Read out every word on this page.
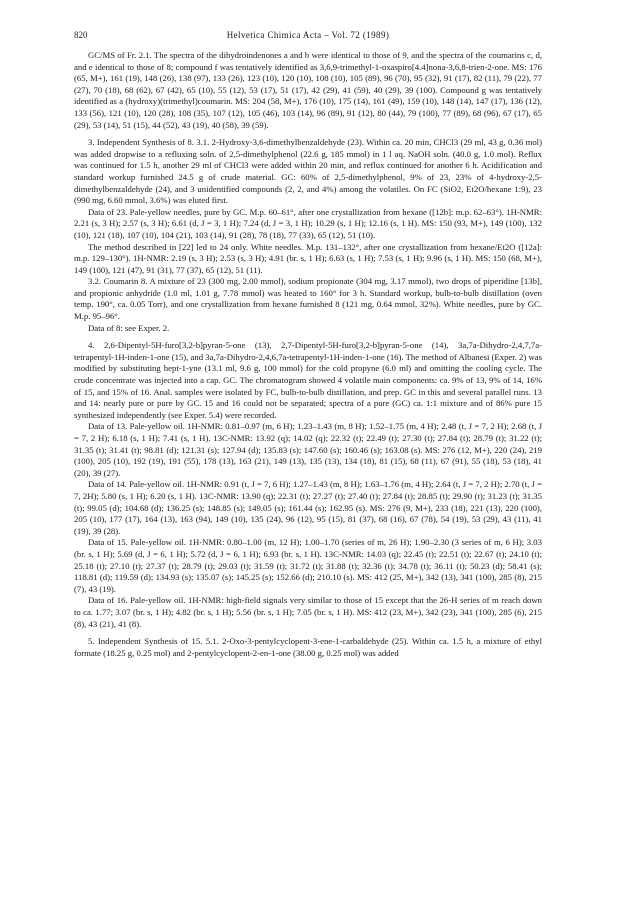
820	Helvetica Chimica Acta – Vol. 72 (1989)

GC/MS of Fr. 2.1. The spectra of the dihydroindenones a and b were identical to those of 9, and the spectra of the coumarins c, d, and e identical to those of 8; compound f was tentatively identified as 3,6,9-trimethyl-1-oxaspiro[4.4]nona-3,6,8-trien-2-one. MS: 176 (65, M+), 161 (19), 148 (26), 138 (97), 133 (26), 123 (10), 120 (10), 108 (10), 105 (89), 96 (70), 95 (32), 91 (17), 82 (11), 79 (22), 77 (27), 70 (18), 68 (62), 67 (42), 65 (10), 55 (12), 53 (17), 51 (17), 42 (29), 41 (59), 40 (29), 39 (100). Compound g was tentatively identified as a (hydroxy)(trimethyl)coumarin. MS: 204 (58, M+), 176 (10), 175 (14), 161 (49), 159 (10), 148 (14), 147 (17), 136 (12), 133 (56), 121 (10), 120 (28), 108 (35), 107 (12), 105 (46), 103 (14), 96 (89), 91 (12), 80 (44), 79 (100), 77 (89), 68 (96), 67 (17), 65 (29), 53 (14), 51 (15), 44 (52), 43 (19), 40 (58), 39 (59).

3. Independent Synthesis of 8. 3.1. 2-Hydroxy-3,6-dimethylbenzaldehyde (23). Within ca. 20 min, CHCl3 (29 ml, 43 g, 0.36 mol) was added dropwise to a refluxing soln. of 2,5-dimethylphenol (22.6 g, 185 mmol) in 1 l aq. NaOH soln. (40.0 g, 1.0 mol). Reflux was continued for 1.5 h, another 29 ml of CHCl3 were added within 20 min, and reflux continued for another 6 h. Acidification and standard workup furnished 24.5 g of crude material. GC: 60% of 2,5-dimethylphenol, 9% of 23, 23% of 4-hydroxy-2,5-dimethylbenzaldehyde (24), and 3 unidentified compounds (2, 2, and 4%) among the volatiles. On FC (SiO2, Et2O/hexane 1:9), 23 (990 mg, 6.60 mmol, 3.6%) was eluted first.

Data of 23. Pale-yellow needles, pure by GC. M.p. 60–61°, after one crystallization from hexane ([12b]: m.p. 62–63°). 1H-NMR: 2.21 (s, 3 H); 2.57 (s, 3 H); 6.61 (d, J = 3, 1 H); 7.24 (d, J = 3, 1 H); 10.29 (s, 1 H); 12.16 (s, 1 H). MS: 150 (93, M+), 149 (100), 132 (10), 121 (18), 107 (10), 104 (21), 103 (14), 91 (28), 78 (18), 77 (33), 65 (12), 51 (10).

The method described in [22] led to 24 only. White needles. M.p. 131–132°, after one crystallization from hexane/Et2O ([12a]: m.p. 129–130°). 1H-NMR: 2.19 (s, 3 H); 2.53 (s, 3 H); 4.91 (br. s, 1 H); 6.63 (s, 1 H); 7.53 (s, 1 H); 9.96 (s, 1 H). MS: 150 (68, M+), 149 (100), 121 (47), 91 (31), 77 (37), 65 (12), 51 (11).

3.2. Coumarin 8. A mixture of 23 (300 mg, 2.00 mmol), sodium propionate (304 mg, 3.17 mmol), two drops of piperidine [13b], and propionic anhydride (1.0 ml, 1.01 g, 7.78 mmol) was heated to 160° for 3 h. Standard workup, bulb-to-bulb distillation (oven temp. 190°, ca. 0.05 Torr), and one crystallization from hexane furnished 8 (121 mg, 0.64 mmol, 32%). White needles, pure by GC. M.p. 95–96°.

Data of 8: see Exper. 2.

4. 2,6-Dipentyl-5H-furo[3,2-b]pyran-5-one (13), 2,7-Dipentyl-5H-furo[3,2-b]pyran-5-one (14), 3a,7a-Dihydro-2,4,7,7a-tetrapentyl-1H-inden-1-one (15), and 3a,7a-Dihydro-2,4,6,7a-tetrapentyl-1H-inden-1-one (16). The method of Albanesi (Exper. 2) was modified by substituting hept-1-yne (13.1 ml, 9.6 g, 100 mmol) for the cold propyne (6.0 ml) and omitting the cooling cycle. The crude concentrate was injected into a cap. GC. The chromatogram showed 4 volatile main components: ca. 9% of 13, 9% of 14, 16% of 15, and 15% of 16. Anal. samples were isolated by FC, bulb-to-bulb distillation, and prep. GC in this and several parallel runs. 13 and 14: nearly pure or pure by GC. 15 and 16 could not be separated; spectra of a pure (GC) ca. 1:1 mixture and of 86% pure 15 synthesized independently (see Exper. 5.4) were recorded.

Data of 13. Pale-yellow oil. 1H-NMR: 0.81–0.97 (m, 6 H); 1.23–1.43 (m, 8 H); 1.52–1.75 (m, 4 H); 2.48 (t, J = 7, 2 H); 2.68 (t, J = 7, 2 H); 6.18 (s, 1 H); 7.41 (s, 1 H). 13C-NMR: 13.92 (q); 14.02 (q); 22.32 (t); 22.49 (t); 27.30 (t); 27.84 (t); 28.79 (t); 31.22 (t); 31.35 (t); 31.41 (t); 98.81 (d); 121.31 (s); 127.94 (d); 135.83 (s); 147.60 (s); 160.46 (s); 163.08 (s). MS: 276 (12, M+), 220 (24), 219 (100), 205 (10), 192 (19), 191 (55), 178 (13), 163 (21), 149 (13), 135 (13), 134 (18), 81 (15), 68 (11), 67 (91), 55 (18), 53 (18), 41 (20), 39 (27).

Data of 14. Pale-yellow oil. 1H-NMR: 0.91 (t, J = 7, 6 H); 1.27–1.43 (m, 8 H); 1.63–1.76 (m, 4 H); 2.64 (t, J = 7, 2 H); 2.70 (t, J = 7, 2H); 5.80 (s, 1 H); 6.20 (s, 1 H). 13C-NMR: 13.90 (q); 22.31 (t); 27.27 (t); 27.40 (t); 27.84 (t); 28.85 (t); 29.90 (t); 31.23 (t); 31.35 (t); 99.05 (d); 104.68 (d); 136.25 (s); 148.85 (s); 149.05 (s); 161.44 (s); 162.95 (s). MS: 276 (9, M+), 233 (18), 221 (13), 220 (100), 205 (10), 177 (17), 164 (13), 163 (94), 149 (10), 135 (24), 96 (12), 95 (15), 81 (37), 68 (16), 67 (78), 54 (19), 53 (29), 43 (11), 41 (19), 39 (28).

Data of 15. Pale-yellow oil. 1H-NMR: 0.80–1.00 (m, 12 H); 1.00–1.70 (series of m, 26 H); 1.90–2.30 (3 series of m, 6 H); 3.03 (br. s, 1 H); 5.69 (d, J = 6, 1 H); 5.72 (d, J = 6, 1 H); 6.93 (br. s, 1 H). 13C-NMR: 14.03 (q); 22.45 (t); 22.51 (t); 22.67 (t); 24.10 (t); 25.18 (t); 27.10 (t); 27.37 (t); 28.79 (t); 29.03 (t); 31.59 (t); 31.72 (t); 31.88 (t); 32.36 (t); 34.78 (t); 36.11 (t); 50.23 (d); 58.41 (s); 118.81 (d); 119.59 (d); 134.93 (s); 135.07 (s); 145.25 (s); 152.66 (d); 210.10 (s). MS: 412 (25, M+), 342 (13), 341 (100), 285 (8), 215 (7), 43 (19).

Data of 16. Pale-yellow oil. 1H-NMR: high-field signals very similar to those of 15 except that the 26-H series of m reach down to ca. 1.77; 3.07 (br. s, 1 H); 4.82 (br. s, 1 H); 5.56 (br. s, 1 H); 7.05 (br. s, 1 H). MS: 412 (23, M+), 342 (23), 341 (100), 285 (6), 215 (8), 43 (21), 41 (8).

5. Independent Synthesis of 15. 5.1. 2-Oxo-3-pentylcyclopent-3-ene-1-carbaldehyde (25). Within ca. 1.5 h, a mixture of ethyl formate (18.25 g, 0.25 mol) and 2-pentylcyclopent-2-en-1-one (38.00 g, 0.25 mol) was added
